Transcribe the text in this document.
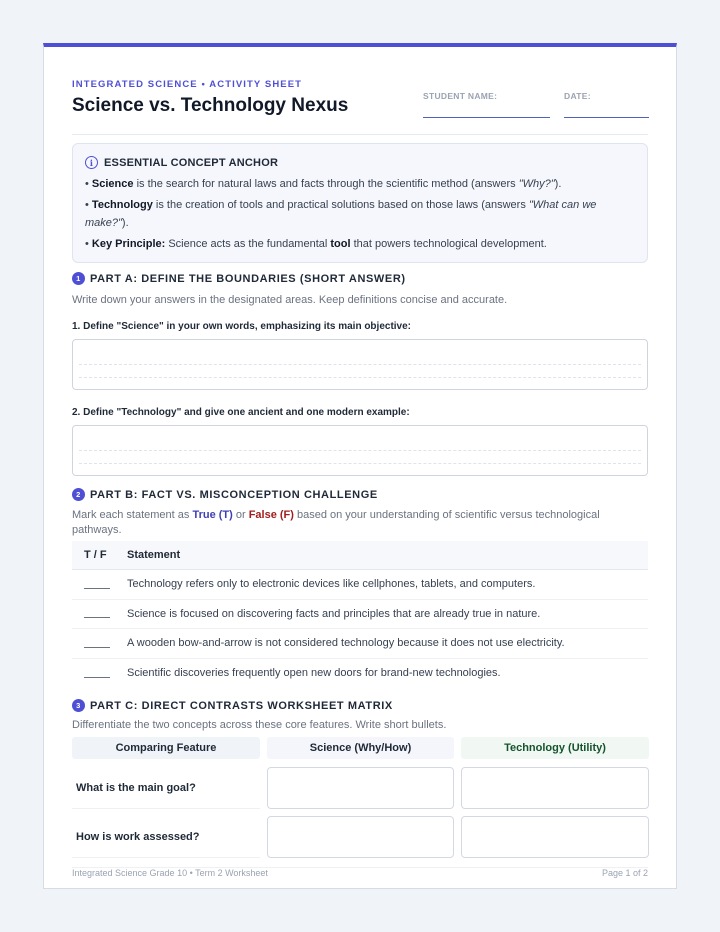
INTEGRATED SCIENCE • ACTIVITY SHEET
Science vs. Technology Nexus	STUDENT NAME:	DATE:
i ESSENTIAL CONCEPT ANCHOR

• Science is the search for natural laws and facts through the scientific method (answers "Why?").

• Technology is the creation of tools and practical solutions based on those laws (answers "What can we make?").

• Key Principle: Science acts as the fundamental tool that powers technological development.

1 PART A: DEFINE THE BOUNDARIES (SHORT ANSWER)
Write down your answers in the designated areas. Keep definitions concise and accurate.
1. Define "Science" in your own words, emphasizing its main objective:
2. Define "Technology" and give one ancient and one modern example:
2 PART B: FACT VS. MISCONCEPTION CHALLENGE
Mark each statement as True (T) or False (F) based on your understanding of scientific versus technological pathways.
T / F	Statement
Technology refers only to electronic devices like cellphones, tablets, and computers.
Science is focused on discovering facts and principles that are already true in nature.
A wooden bow-and-arrow is not considered technology because it does not use electricity.
Scientific discoveries frequently open new doors for brand-new technologies.
3 PART C: DIRECT CONTRASTS WORKSHEET MATRIX
Differentiate the two concepts across these core features. Write short bullets.
Comparing Feature	Science (Why/How)	Technology (Utility)
What is the main goal?
How is work assessed?
Integrated Science Grade 10 • Term 2 Worksheet	Page 1 of 2
